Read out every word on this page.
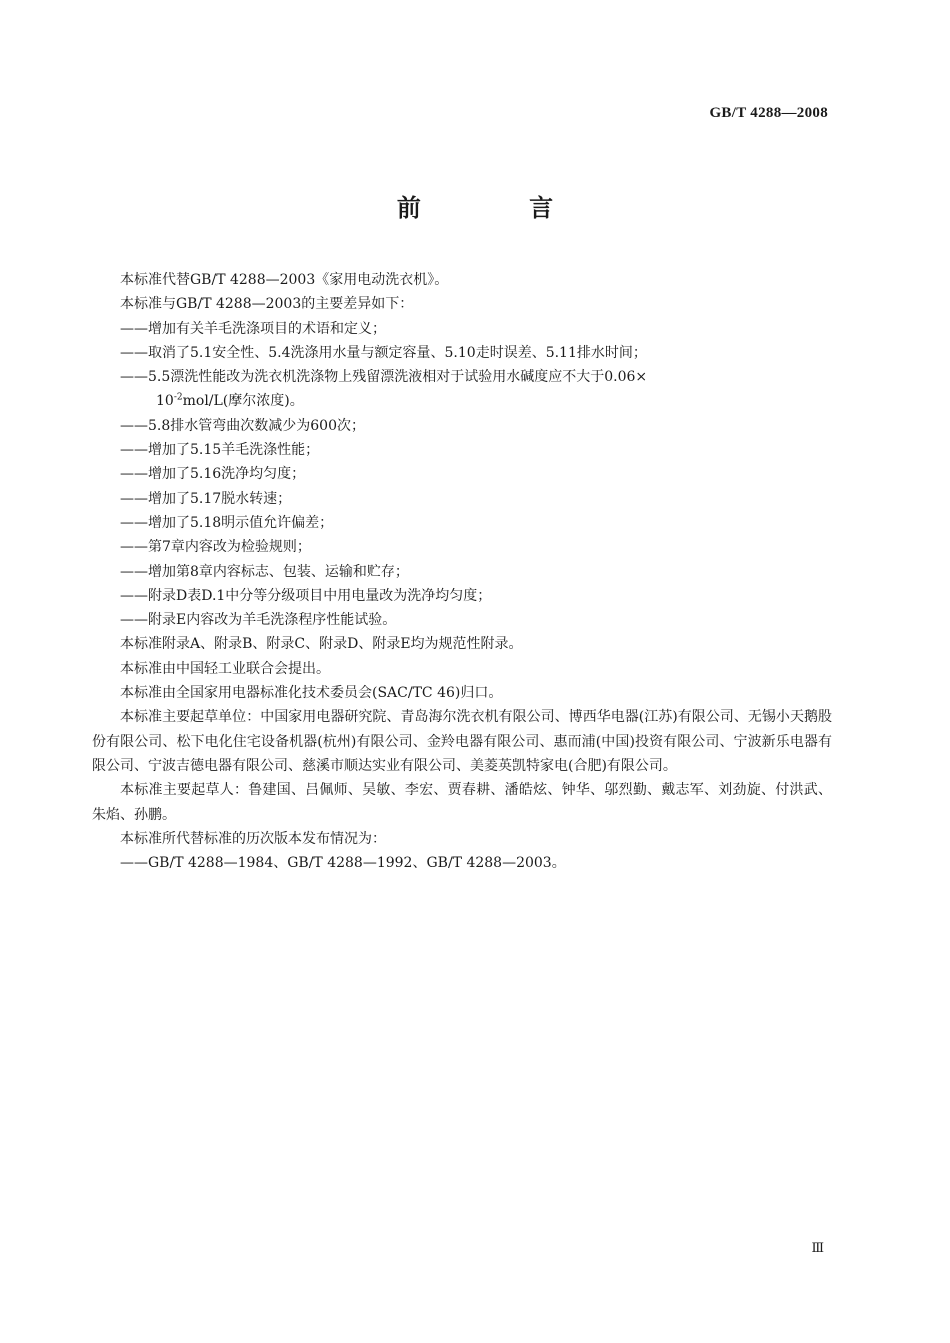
GB/T 4288—2008
前 言

本标准代替GB/T 4288—2003《家用电动洗衣机》。

本标准与GB/T 4288—2003的主要差异如下：

——增加有关羊毛洗涤项目的术语和定义；

——取消了5.1安全性、5.4洗涤用水量与额定容量、5.10走时误差、5.11排水时间；

——5.5漂洗性能改为洗衣机洗涤物上残留漂洗液相对于试验用水碱度应不大于0.06×

$10^{-2}mol/L$(摩尔浓度)。

——5.8排水管弯曲次数减少为600次；

——增加了5.15羊毛洗涤性能；

——增加了5.16洗净均匀度；

——增加了5.17脱水转速；

——增加了5.18明示值允许偏差；

——第7章内容改为检验规则；

——增加第8章内容标志、包装、运输和贮存；

——附录D表D.1中分等分级项目中用电量改为洗净均匀度；

——附录E内容改为羊毛洗涤程序性能试验。

本标准附录A、附录B、附录C、附录D、附录E均为规范性附录。

本标准由中国轻工业联合会提出。

本标准由全国家用电器标准化技术委员会(SAC/TC 46)归口。

本标准主要起草单位：中国家用电器研究院、青岛海尔洗衣机有限公司、博西华电器(江苏)有限公司、无锡小天鹅股份有限公司、松下电化住宅设备机器(杭州)有限公司、金羚电器有限公司、惠而浦(中国)投资有限公司、宁波新乐电器有限公司、宁波吉德电器有限公司、慈溪市顺达实业有限公司、美菱英凯特家电(合肥)有限公司。

本标准主要起草人：鲁建国、吕佩师、吴敏、李宏、贾春耕、潘皓炫、钟华、邬烈勤、戴志军、刘劲旋、付洪武、朱焰、孙鹏。

本标准所代替标准的历次版本发布情况为：

——GB/T 4288—1984、GB/T 4288—1992、GB/T 4288—2003。

Ⅲ
